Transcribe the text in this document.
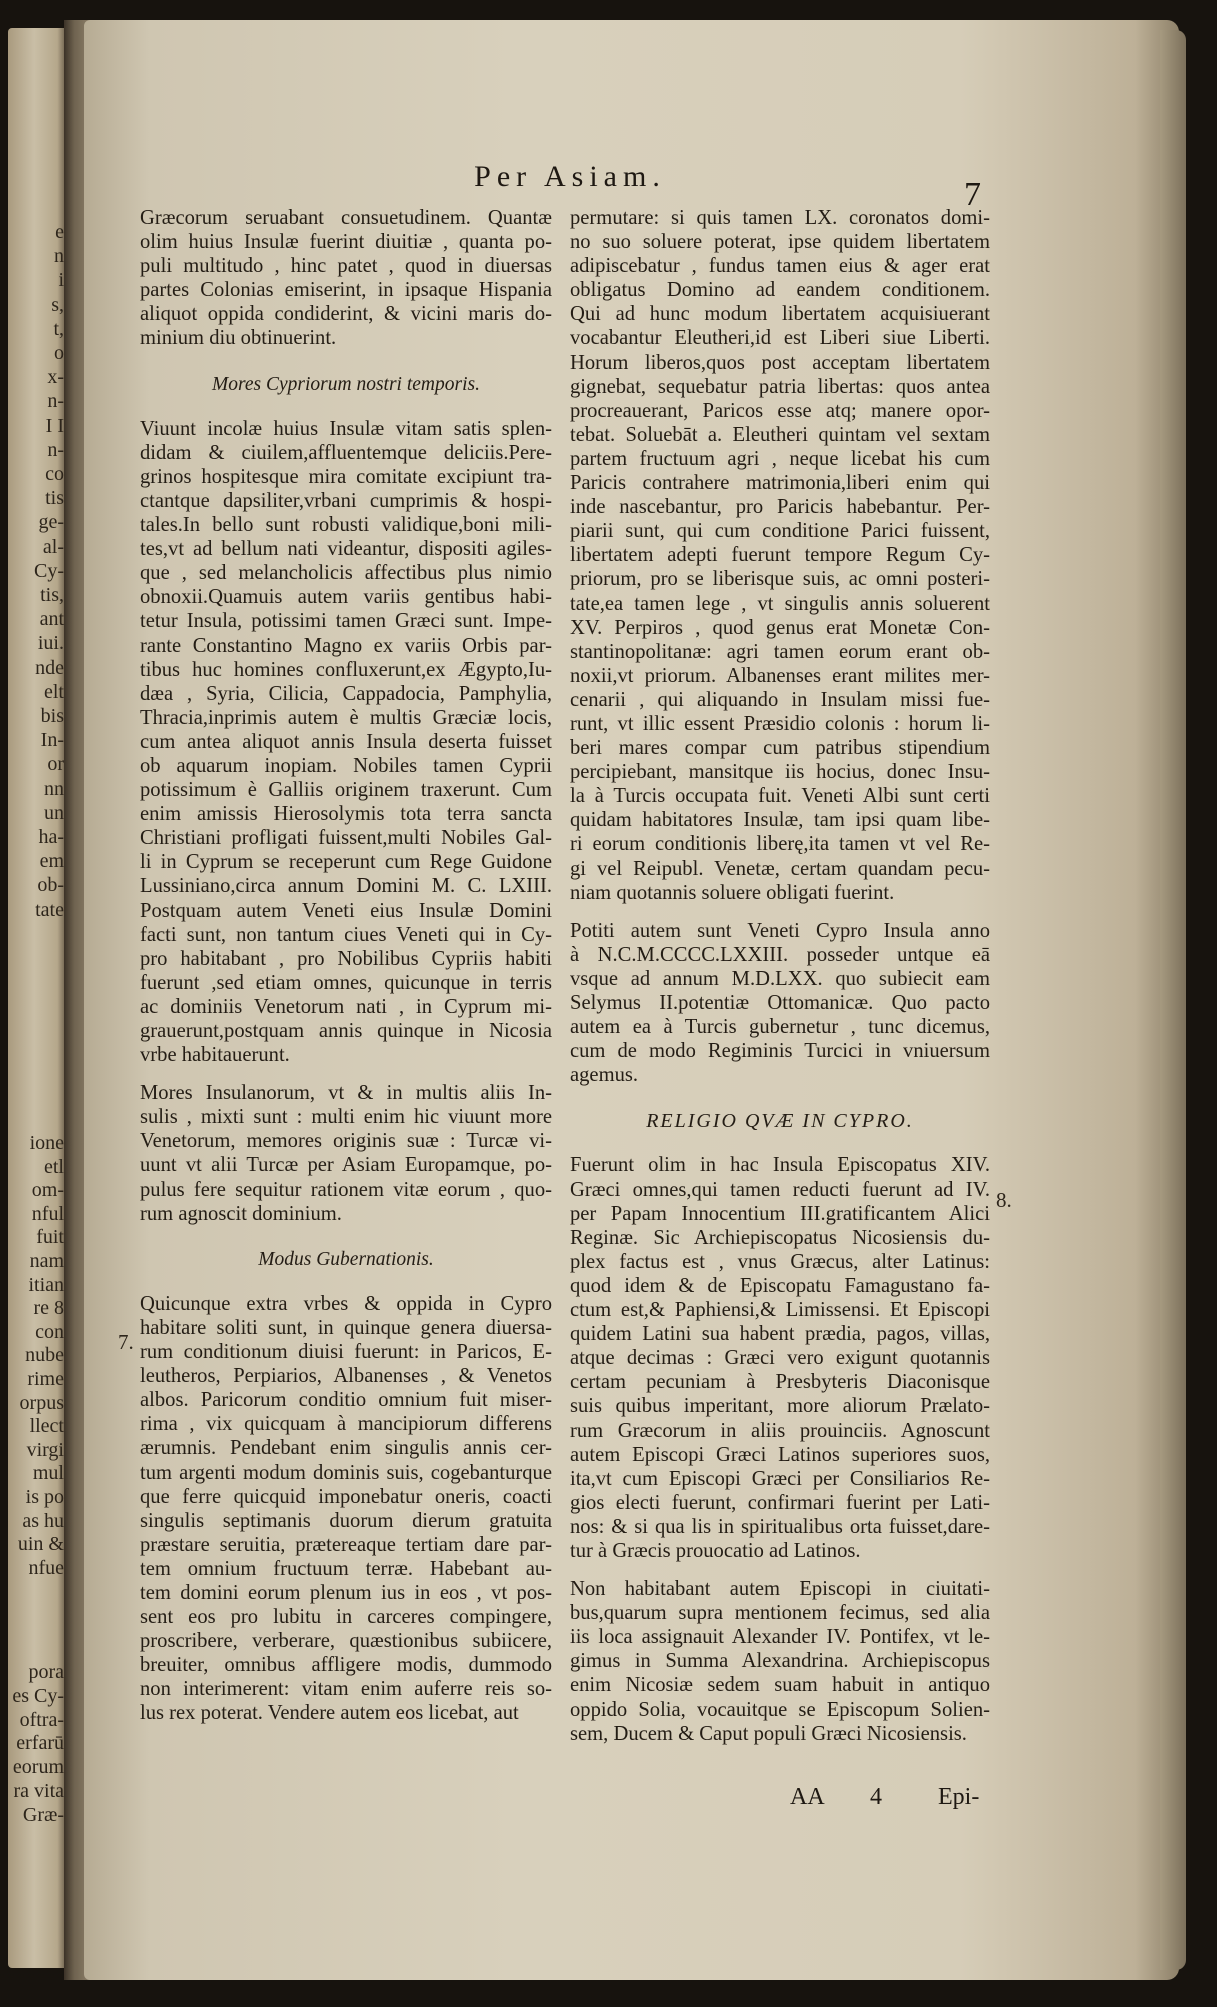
e
n
i
s,
t,
o
x-
n-
I I
n-
co
tis
ge-
al-
Cy-
tis,
ant
iui.
nde
elt
bis
In-
or
nn
un
ha-
em
ob-
tate
ione
etl
om-
nful
fuit
nam
itian
re 8
con
nube
rime
orpus
llect
virgi
mul
is po
as hu
uin &
nfue
pora
es Cy-
oftra-
erfarū
eorum
ra vita
Græ-
Per Asiam.	7
Græcorum seruabant consuetudinem. Quantæ
olim huius Insulæ fuerint diuitiæ , quanta po-
puli multitudo , hinc patet , quod in diuersas
partes Colonias emiserint, in ipsaque Hispania
aliquot oppida condiderint, & vicini maris do-
minium diu obtinuerint.
Mores Cypriorum nostri temporis.
Viuunt incolæ huius Insulæ vitam satis splen-
didam & ciuilem,affluentemque deliciis.Pere-
grinos hospitesque mira comitate excipiunt tra-
ctantque dapsiliter,vrbani cumprimis & hospi-
tales.In bello sunt robusti validique,boni mili-
tes,vt ad bellum nati videantur, dispositi agiles-
que , sed melancholicis affectibus plus nimio
obnoxii.Quamuis autem variis gentibus habi-
tetur Insula, potissimi tamen Græci sunt. Impe-
rante Constantino Magno ex variis Orbis par-
tibus huc homines confluxerunt,ex Ægypto,Iu-
dæa , Syria, Cilicia, Cappadocia, Pamphylia,
Thracia,inprimis autem è multis Græciæ locis,
cum antea aliquot annis Insula deserta fuisset
ob aquarum inopiam. Nobiles tamen Cyprii
potissimum è Galliis originem traxerunt. Cum
enim amissis Hierosolymis tota terra sancta
Christiani profligati fuissent,multi Nobiles Gal-
li in Cyprum se receperunt cum Rege Guidone
Lussiniano,circa annum Domini M. C. LXIII.
Postquam autem Veneti eius Insulæ Domini
facti sunt, non tantum ciues Veneti qui in Cy-
pro habitabant , pro Nobilibus Cypriis habiti
fuerunt ,sed etiam omnes, quicunque in terris
ac dominiis Venetorum nati , in Cyprum mi-
grauerunt,postquam annis quinque in Nicosia
vrbe habitauerunt.
Mores Insulanorum, vt & in multis aliis In-
sulis , mixti sunt : multi enim hic viuunt more
Venetorum, memores originis suæ : Turcæ vi-
uunt vt alii Turcæ per Asiam Europamque, po-
pulus fere sequitur rationem vitæ eorum , quo-
rum agnoscit dominium.
Modus Gubernationis.
Quicunque extra vrbes & oppida in Cypro
habitare soliti sunt, in quinque genera diuersa-
rum conditionum diuisi fuerunt: in Paricos, E-
leutheros, Perpiarios, Albanenses , & Venetos
albos. Paricorum conditio omnium fuit miser-
rima , vix quicquam à mancipiorum differens
ærumnis. Pendebant enim singulis annis cer-
tum argenti modum dominis suis, cogebanturque
que ferre quicquid imponebatur oneris, coacti
singulis septimanis duorum dierum gratuita
præstare seruitia, prætereaque tertiam dare par-
tem omnium fructuum terræ. Habebant au-
tem domini eorum plenum ius in eos , vt pos-
sent eos pro lubitu in carceres compingere,
proscribere, verberare, quæstionibus subiicere,
breuiter, omnibus affligere modis, dummodo
non interimerent: vitam enim auferre reis so-
lus rex poterat. Vendere autem eos licebat, aut
permutare: si quis tamen LX. coronatos domi-
no suo soluere poterat, ipse quidem libertatem
adipiscebatur , fundus tamen eius & ager erat
obligatus Domino ad eandem conditionem.
Qui ad hunc modum libertatem acquisiuerant
vocabantur Eleutheri,id est Liberi siue Liberti.
Horum liberos,quos post acceptam libertatem
gignebat, sequebatur patria libertas: quos antea
procreauerant, Paricos esse atq; manere opor-
tebat. Soluebāt a. Eleutheri quintam vel sextam
partem fructuum agri , neque licebat his cum
Paricis contrahere matrimonia,liberi enim qui
inde nascebantur, pro Paricis habebantur. Per-
piarii sunt, qui cum conditione Parici fuissent,
libertatem adepti fuerunt tempore Regum Cy-
priorum, pro se liberisque suis, ac omni posteri-
tate,ea tamen lege , vt singulis annis soluerent
XV. Perpiros , quod genus erat Monetæ Con-
stantinopolitanæ: agri tamen eorum erant ob-
noxii,vt priorum. Albanenses erant milites mer-
cenarii , qui aliquando in Insulam missi fue-
runt, vt illic essent Præsidio colonis : horum li-
beri mares compar cum patribus stipendium
percipiebant, mansitque iis hocius, donec Insu-
la à Turcis occupata fuit. Veneti Albi sunt certi
quidam habitatores Insulæ, tam ipsi quam libe-
ri eorum conditionis liberę,ita tamen vt vel Re-
gi vel Reipubl. Venetæ, certam quandam pecu-
niam quotannis soluere obligati fuerint.
Potiti autem sunt Veneti Cypro Insula anno
à N.C.M.CCCC.LXXIII. posseder untque eā
vsque ad annum M.D.LXX. quo subiecit eam
Selymus II.potentiæ Ottomanicæ. Quo pacto
autem ea à Turcis gubernetur , tunc dicemus,
cum de modo Regiminis Turcici in vniuersum
agemus.
RELIGIO QVÆ IN CYPRO.
Fuerunt olim in hac Insula Episcopatus XIV.
Græci omnes,qui tamen reducti fuerunt ad IV.
per Papam Innocentium III.gratificantem Alici
Reginæ. Sic Archiepiscopatus Nicosiensis du-
plex factus est , vnus Græcus, alter Latinus:
quod idem & de Episcopatu Famagustano fa-
ctum est,& Paphiensi,& Limissensi. Et Episcopi
quidem Latini sua habent prædia, pagos, villas,
atque decimas : Græci vero exigunt quotannis
certam pecuniam à Presbyteris Diaconisque
suis quibus imperitant, more aliorum Prælato-
rum Græcorum in aliis prouinciis. Agnoscunt
autem Episcopi Græci Latinos superiores suos,
ita,vt cum Episcopi Græci per Consiliarios Re-
gios electi fuerunt, confirmari fuerint per Lati-
nos: & si qua lis in spiritualibus orta fuisset,dare-
tur à Græcis prouocatio ad Latinos.
Non habitabant autem Episcopi in ciuitati-
bus,quarum supra mentionem fecimus, sed alia
iis loca assignauit Alexander IV. Pontifex, vt le-
gimus in Summa Alexandrina. Archiepiscopus
enim Nicosiæ sedem suam habuit in antiquo
oppido Solia, vocauitque se Episcopum Solien-
sem, Ducem & Caput populi Græci Nicosiensis.
7.
8.
AA 4 Epi-
